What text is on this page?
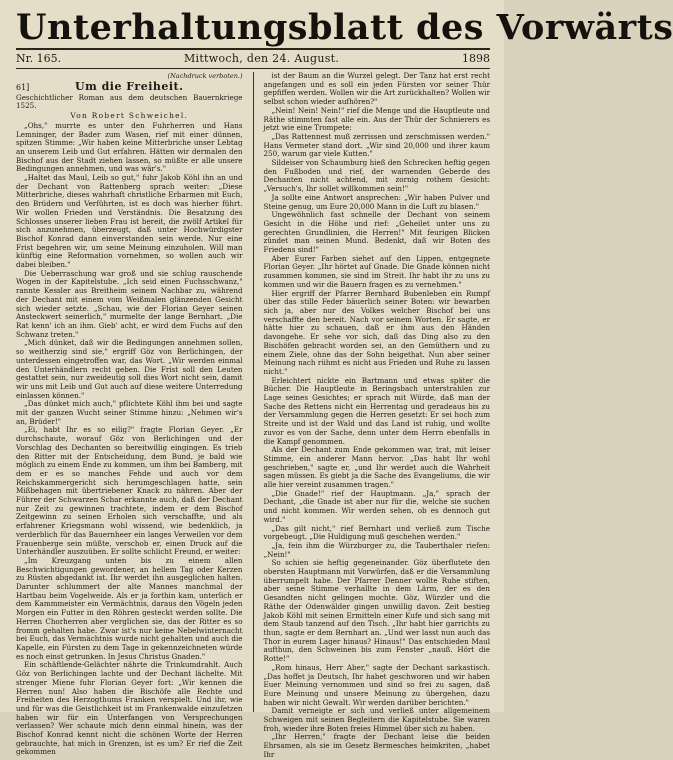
Unterhaltungsblatt des Vorwärts
Nr. 165.	Mittwoch, den 24. August.	1898
(Nachdruck verboten.)
61]	Um die Freiheit.
Geschichtlicher Roman aus dem deutschen Bauernkriege 1525.
Von Robert Schweichel.

„Ohs," murrte es unter den Fuhrherren und Hans Lemninger, der Bader zum Wasen, rief mit einer dünnen, spitzen Stimme: „Wir haben keine Mitterbriche unser Lebtag an unserem Leib und Gut erfahren. Hätten wir dermalen den Bischof aus der Stadt ziehen lassen, so müßte er alle unsere Bedingungen annehmen, und was wär's."

„Haltet das Maul, Leib so gut," fuhr Jakob Köhl ihn an und der Dechant von Rattenberg sprach weiter: „Diese Mitterbriche, dieses wahrhaft christliche Erbarmen mit Euch, den Brüdern und Verführten, ist es doch was hierher führt. Wir wollen Frieden und Verständnis. Die Besatzung des Schlosses unserer lieben Frau ist bereit, die zwölf Artikel für sich anzunehmen, überzeugt, daß unter Hochwürdigster Bischof Konrad dann einverstanden sein werde. Nur eine Frist begehren wir, um seine Meinung einzuholen. Will man künftig eine Reformation vornehmen, so wollen auch wir dabei bleiben."

Die Ueberraschung war groß und sie schlug rauschende Wogen in der Kapitelstube. „Ich seid einen Fuchsschwanz," rannte Kessler aus Breitheim seinem Nachbar zu, während der Dechant mit einem vom Weißmalen glänzenden Gesicht sich wieder setzte. „Schau, wie der Florian Geyer seinen Ansteckwert seinerlich," murmelte der lange Bernhart. „Die Rat kenn' ich an ihm. Gieb' acht, er wird dem Fuchs auf den Schwanz treten."

„Mich dünket, daß wir die Bedingungen annehmen sollen, so weitherzig sind sie," ergriff Göz von Berlichingen, der unterdessen eingetroffen war, das Wort. „Wir werden einmal den Unterhändlern recht geben. Die Frist soll den Leuten gestattet sein, nur zweideutig soll dies Wort nicht sein, damit wir uns mit Leib und Gut auch auf diese weitere Unterredung einlassen können."

„Das dünket mich auch," pflichtete Köhl ihm bei und sagte mit der ganzen Wucht seiner Stimme hinzu: „Nehmen wir's an, Brüder!"

„Ei, habt Ihr es so eilig?" fragte Florian Geyer. „Er durchschaute, worauf Göz von Berlichingen und der Vorschlag des Dechanten so bereitwillig eingingen. Es trieb den Ritter mit der Entscheidung, dem Bund, je bald wie möglich zu einem Ende zu kommen, um ihm bei Bamberg, mit dem er es so manches Fehde und auch vor dem Reichskammergericht sich herumgeschlagen hatte, sein Mißbehagen mit übertriebener Knack zu nähren. Aber der Führer der Schwarzen Schar erkannte auch, daß der Dechant nur Zeit zu gewinnen trachtete, indem er dem Bischof Zeitgewinn zu seinen Erholen sich verschaffte, und als erfahrener Kriegsmann wohl wissend, wie bedenklich, ja verderblich für das Bauernheer ein langes Verweilen vor dem Frauenberge sein müßte, verschob er, einen Druck auf die Unterhändler auszuüben. Er sollte schlicht Freund, er weiter:

„Im Kreuzgang unten bis zu einem allen Beschwichtigungen gewordener, an hellem Tag oder Kerzen zu Rüsten abgedankt ist. Ihr werdet ihn ausgeglichen halten. Darunter schlummert der alte Mannes manchmal der Hartbau beim Vogelweide. Als er ja forthin kam, unterlich er dem Kammmeister ein Vermächtnis, daraus den Vögeln jeden Morgen ein Futter in den Röhren gesteckt werden sollte. Die Herren Chorherren aber verglichen sie, das der Ritter es so fromm gehalten habe. Zwar ist's nur keine Nebelwinternacht bei Euch, das Vermächtnis wurde nicht gehalten und auch die Kapelle, ein Fürsten zu dem Tage in gekennzeichneten würde es noch einst getrunken. In Jesus Christus Gnaden."

Ein schäftlende-Gelächter nährte die Trinkumdrahlt. Auch Göz von Berlichingen lachte und der Dechant lächelte. Mit strenger Miene fuhr Florian Geyer fort: „Wir kennen die Herren nun! Also haben die Bischöfe alle Rechte und Freiheiten des Herzogthums Franken verspielt. Und ihr, wie und für was die Geistlichkeit ist im Frankenwalde einzufetzen haben wir für ein Unterfangen von Versprechungen verlassen? Wer schaute mich denn einmal hinein, was der Bischof Konrad kennt nicht die schönen Worte der Herren gebrauchte, hat mich in Grenzen, ist es um? Er rief die Zeit gekommen

ist der Baum an die Wurzel gelegt. Der Tanz hat erst recht angefangen und es soll ein jeden Fürsten vor seiner Thür gepfiffen werden. Wollen wir die Art zurückhalten? Wollen wir selbst schon wieder aufhören?"

„Nein! Nein! Nein!" rief die Menge und die Hauptleute und Räthe stimmten fast alle ein. Aus der Thür der Schnierers es jetzt wie eine Trompete:

„Das Rattennest muß zerrissen und zerschmissen werden." Hans Vermeter stand dort. „Wir sind 20,000 und ihrer kaum 250, warum gar viele Kutten."

Sildeiser von Schaumburg hieß den Schrecken heftig gegen den Fußboden und rief, der warnenden Geberde des Dechanten nicht achtend, mit zornig rothem Gesicht: „Versuch's, Ihr sollet willkommen sein!"

Ja sollte eine Antwort ansprechen: „Wir haben Pulver und Steine genug, um Eure 20,000 Mann in die Luft zu blasen."

Ungewöhnlich fast schnelle der Dechant von seinem Gesicht in die Höhe und rief: „Geheilet unter uns zu gerechten Grundlinien, die Herren!" Mit feurigen Blicken zündet man seinen Mund. Bedenkt, daß wir Boten des Friedens sind!"

Aber Eurer Farben siehet auf den Lippen, entgegnete Florian Geyer. „Ihr hörtet auf Gnade. Die Gnade können nicht zusammen kommen, sie sind im Streit. Ihr habt ihr zu uns zu kommen und wir die Bauern fragen es zu vernehmen."

Hier ergriff der Pfarrer Bernhard Bubenleben ein Rumpf über das stille Feder bäuerlich seiner Boten: wir bewarben sich ja, aber nur des Volkes welcher Bischof bei uns verschaffte den bereit. Nach vor seinem Worten. Er sagte, er hätte hier zu schauen, daß er ihm aus den Händen davongehe. Er sehe vor sich, daß das Ding also zu den Bischöfen gebracht worden sei, an den Gemüthern und zu einem Ziele, ohne das der Sohn beigethat. Nun aber seiner Meinung nach rühmt es nicht aus Frieden und Ruhe zu lassen nicht."

Erleichtert nickte ein Bartmann und etwas später die Bücher. Die Hauptleute in Beringsbach unterstrahlen zur Lage seines Gesichtes; er sprach mit Würde, daß man der Sache des Rettens nicht ein Herrentag und geradeaus bis zu der Versammlung gegen die Herren gesetzt: Er sei hoch zum Streite und ist der Wald und das Land ist ruhig, und wollte zuvor es von der Sache, denn unter dem Herrn ebenfalls in die Kampf genommen.

Als der Dechant zum Ende gekommen war, trat, mit leiser Stimme, ein anderer Mann hervor. „Das habt Ihr wohl geschrieben," sagte er, „und Ihr werdet auch die Wahrheit sagen müssen. Es giebt ja die Sache des Evangeliums, die wir alle hier vereint zusammen tragen."

„Die Gnade!" rief der Hauptmann. „Ja," sprach der Dechant, „die Gnade ist aber nur für die, welche sie suchen und nicht kommen. Wir werden sehen, ob es dennoch gut wird."

„Das gilt nicht," rief Bernhart und verließ zum Tische vorgebeugt. „Die Huldigung muß geschehen werden."

„Ja, fein ihm die Würzburger zu, die Tauberthaler riefen: „Nein!"

So schien sie heftig gegeneinander. Göz überflutete den obersten Hauptmann mit Vorwürfen, daß er die Versammlung überrumpelt habe. Der Pfarrer Denner wollte Ruhe stiften, aber seine Stimme verhallte in dem Lärm, der es den Gesandten nicht gelingen mochte. Göz, Würzler und die Räthe der Odenwälder gingen unwillig davon. Zeit bestieg Jakob Köhl mit seinen Ermitteln einer Kufe und sich sang mit dem Staub tanzend auf den Tisch. „Ihr habt hier garrichts zu thun, sagte er dem Bernhart an. „Und wer lasst nun auch das Thor in eurem Lager hinaus? Hinaus!" Das entschieden Maul aufthun, den Schweinen bis zum Fenster „nauß. Hört die Rotte!"

„Rom hinaus, Herr Aber," sagte der Dechant sarkastisch. „Das hoffet ja Deutsch, Ihr habet geschworen und wir haben Euer Meinung vernommen und sind so frei zu sagen, daß Eure Meinung und unsere Meinung zu übergehen, dazu haben wir nicht Gewalt. Wir werden darüber berichten."

Damit verneigte er sich und verließ unter allgemeinem Schweigen mit seinen Begleitern die Kapitelstube. Sie waren froh, wieder ihre Boten freies Himmel über sich zu haben.

„Ihr Herren," fragte der Dechant leise die beiden Ehrsamen, als sie im Gesetz Bermesches heimkriten, „habet Ihr
